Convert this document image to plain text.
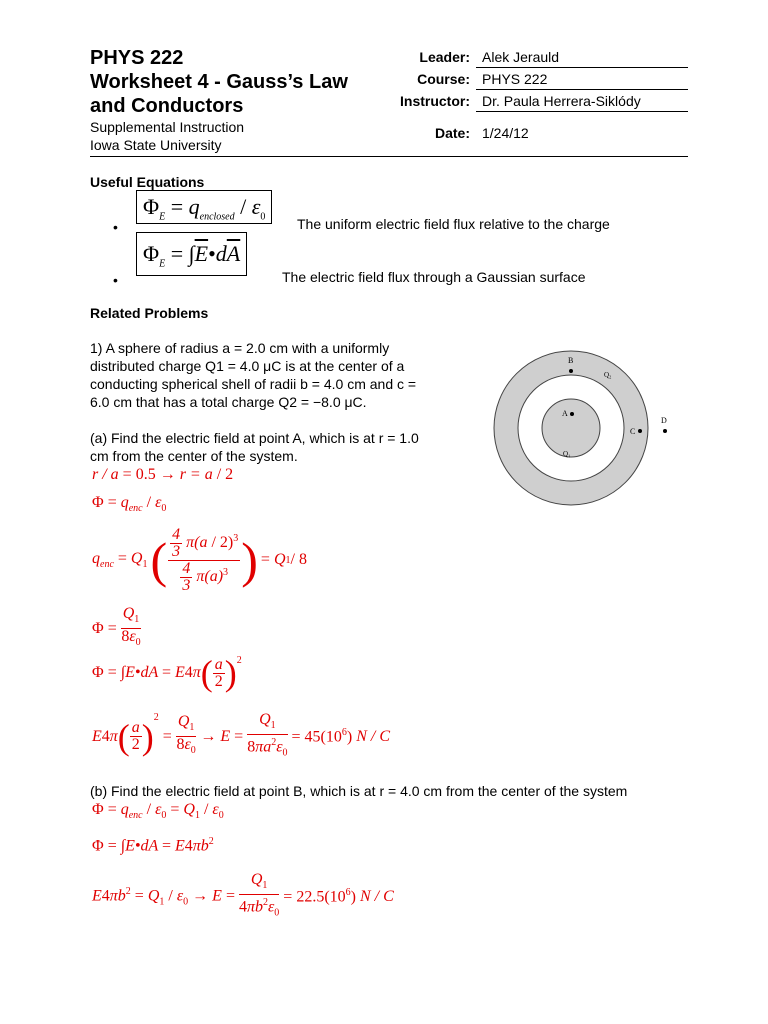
PHYS 222
Worksheet 4 - Gauss’s Law
and Conductors
Supplemental Instruction
Iowa State University
Leader: Alek Jerauld
Course: PHYS 222
Instructor: Dr. Paula Herrera-Siklódy
Date: 1/24/12
Useful Equations
•
$\Phi_E = q_{enclosed} / \varepsilon_0$	The uniform electric field flux relative to the charge
•
$\Phi_E$ = $\int\overline{E}•d\overline{A}$
The electric field flux through a Gaussian surface
Related Problems
1) A sphere of radius a = 2.0 cm with a uniformly
distributed charge Q1 = 4.0 μC is at the center of a
conducting spherical shell of radii b = 4.0 cm and c =
6.0 cm that has a total charge Q2 = −8.0 μC.
(a) Find the electric field at point A, which is at r = 1.0
cm from the center of the system.
B
Q₂
A
Q₁
C
D
r / a = 0.5 → r = a / 2
$\Phi = q_{enc} / \varepsilon_0$
$q_{enc} = Q_1$ ( $\frac{\frac{4}{3} \pi(a / 2)^3}{\frac{4}{3} \pi(a)^3}$ ) = Q 1 / 8
$\Phi = \frac{Q_1}{8\varepsilon_0}$
Φ = ∫E•dA = E4π ( $\frac{a}{2} )^2$
E4π ( $\frac{a}{2} )^2$
= $\frac{Q_1}{8\varepsilon_0} \to E = \frac{Q_1}{8\pi a^2\varepsilon_0} = 45(10^6)$ N / C
(b) Find the electric field at point B, which is at r = 4.0 cm from the center of the system
$\Phi = q_{enc} / \varepsilon_0 = Q_1 / \varepsilon_0$
Φ = ∫E•dA = $E4\pi b^2$
$E4\pi b^2 = Q_1 / \varepsilon_0 \to E = \frac{Q_1}{4\pi b^2\varepsilon_0} = 22.5(10^6)$ N / C
